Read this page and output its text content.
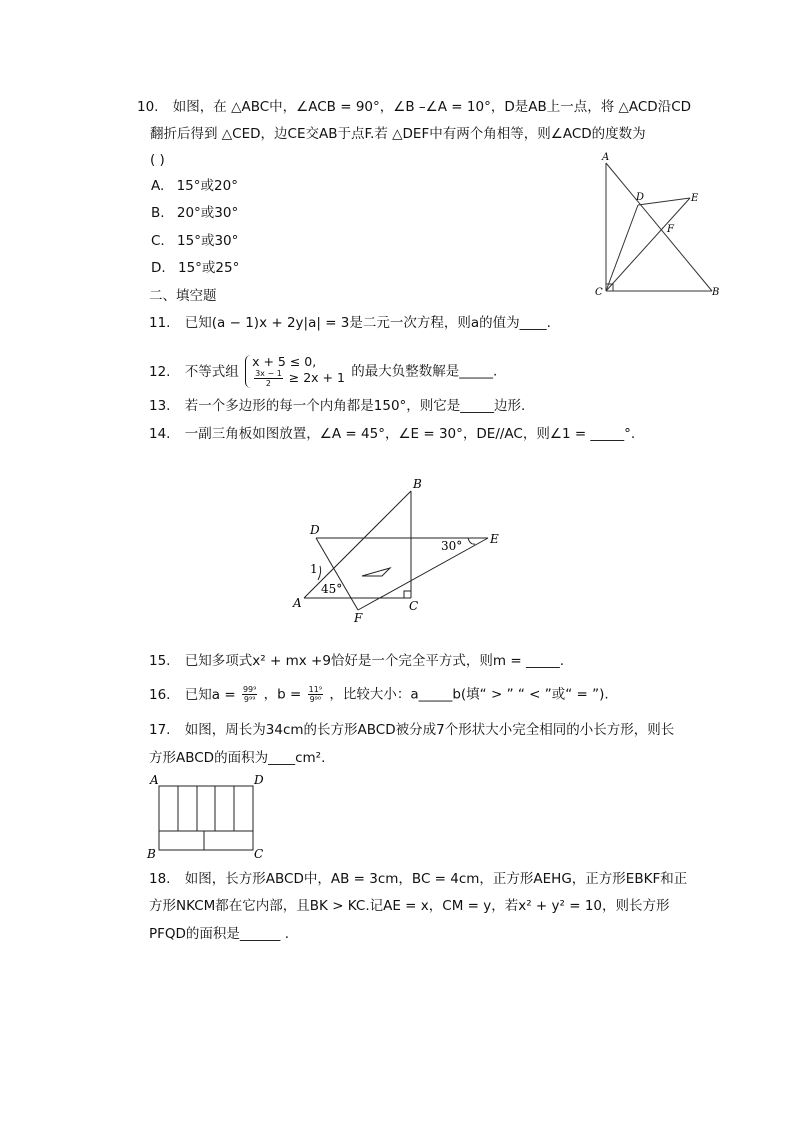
10. 如图，在 △ABC中，∠ACB = 90°，∠B –∠A = 10°，D是AB上一点，将 △ACD沿CD
翻折后得到 △CED，边CE交AB于点F.若 △DEF中有两个角相等，则∠ACD的度数为
( )
A. 15°或20°
B. 20°或30°
C. 15°或30°
D. 15°或25°
A
D	E
F
C	B
二、填空题
11. 已知(a − 1)x + 2y|a| = 3是二元一次方程，则a的值为____.
12. 不等式组
x + 5 ≤ 0,
$\frac{3x - 1}{2} \ge 2x + 1$ 的最大负整数解是_____.
13. 若一个多边形的每一个内角都是150°，则它是_____边形.
14. 一副三角板如图放置，∠A = 45°，∠E = 30°，DE//AC，则∠1 = _____°.
B
D
E
A	C
F
1
45°
30°
15. 已知多项式x² + mx +9恰好是一个完全平方式，则m = _____.
16. 已知$a = \frac{\text{99⁹}}{\text{9⁹⁹}}$ ，$b = \frac{\text{11⁹}}{\text{9⁹⁰}}$ ，比较大小：a_____b(填“ > ” “ < ”或“ = ”).
17. 如图，周长为34cm的长方形ABCD被分成7个形状大小完全相同的小长方形，则长
方形ABCD的面积为____cm².
A	D
B	C
18. 如图，长方形ABCD中，AB = 3cm，BC = 4cm，正方形AEHG，正方形EBKF和正
方形NKCM都在它内部，且BK > KC.记AE = x，CM = y，若x² + y² = 10，则长方形
PFQD的面积是______ .
